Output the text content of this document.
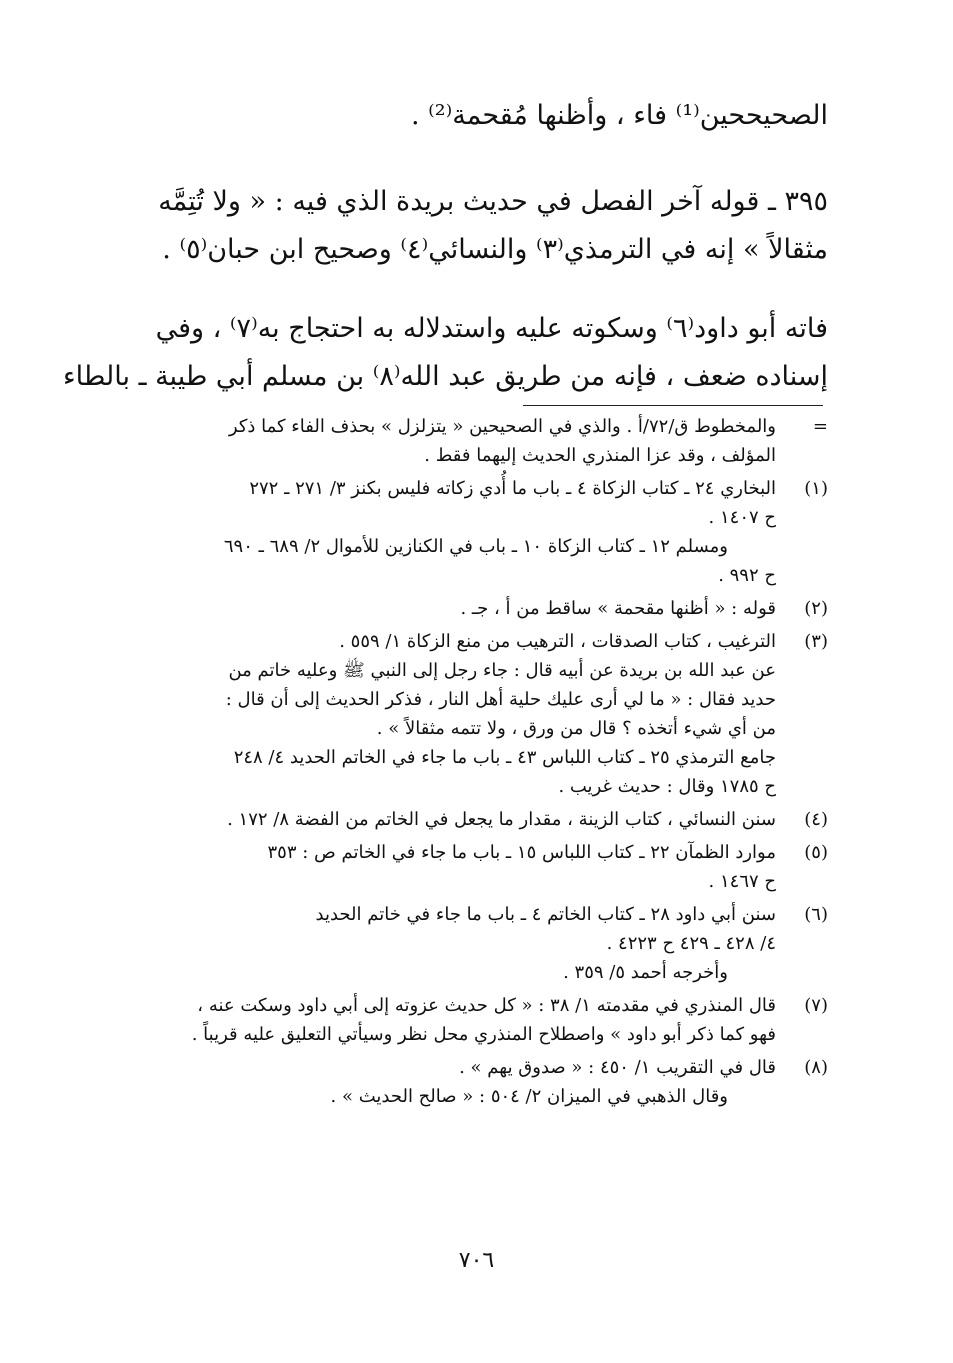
الصحيححين⁽¹⁾ فاء ، وأظنها مُقحمة⁽²⁾ .
٣٩٥ ـ قوله آخر الفصل في حديث بريدة الذي فيه : « ولا تُتِمَّه
مثقالاً » إنه في الترمذي⁽٣⁾ والنسائي⁽٤⁾ وصحيح ابن حبان⁽٥⁾ .
فاته أبو داود⁽٦⁾ وسكوته عليه واستدلاله به احتجاج به⁽٧⁾ ، وفي
إسناده ضعف ، فإنه من طريق عبد الله⁽٨⁾ بن مسلم أبي طيبة ـ بالطاء
=
والمخطوط ق/٧٢/أ . والذي في الصحيحين « يتزلزل » بحذف الفاء كما ذكر
المؤلف ، وقد عزا المنذري الحديث إليهما فقط .
(١)
البخاري ٢٤ ـ كتاب الزكاة ٤ ـ باب ما أُدي زكاته فليس بكنز ٣/ ٢٧١ ـ ٢٧٢
ح ١٤٠٧ .
ومسلم ١٢ ـ كتاب الزكاة ١٠ ـ باب في الكنازين للأموال ٢/ ٦٨٩ ـ ٦٩٠
ح ٩٩٢ .
(٢)
قوله : « أظنها مقحمة » ساقط من أ ، جـ .
(٣)
الترغيب ، كتاب الصدقات ، الترهيب من منع الزكاة ١/ ٥٥٩ .
عن عبد الله بن بريدة عن أبيه قال : جاء رجل إلى النبي ﷺ وعليه خاتم من
حديد فقال : « ما لي أرى عليك حلية أهل النار ، فذكر الحديث إلى أن قال :
من أي شيء أتخذه ؟ قال من ورق ، ولا تتمه مثقالاً » .
جامع الترمذي ٢٥ ـ كتاب اللباس ٤٣ ـ باب ما جاء في الخاتم الحديد ٤/ ٢٤٨
ح ١٧٨٥ وقال : حديث غريب .
(٤)
سنن النسائي ، كتاب الزينة ، مقدار ما يجعل في الخاتم من الفضة ٨/ ١٧٢ .
(٥)
موارد الظمآن ٢٢ ـ كتاب اللباس ١٥ ـ باب ما جاء في الخاتم ص : ٣٥٣
ح ١٤٦٧ .
(٦)
سنن أبي داود ٢٨ ـ كتاب الخاتم ٤ ـ باب ما جاء في خاتم الحديد
٤/ ٤٢٨ ـ ٤٢٩ ح ٤٢٢٣ .
وأخرجه أحمد ٥/ ٣٥٩ .
(٧)
قال المنذري في مقدمته ١/ ٣٨ : « كل حديث عزوته إلى أبي داود وسكت عنه ،
فهو كما ذكر أبو داود » واصطلاح المنذري محل نظر وسيأتي التعليق عليه قريباً .
(٨)
قال في التقريب ١/ ٤٥٠ : « صدوق يهم » .
وقال الذهبي في الميزان ٢/ ٥٠٤ : « صالح الحديث » .
٧٠٦
